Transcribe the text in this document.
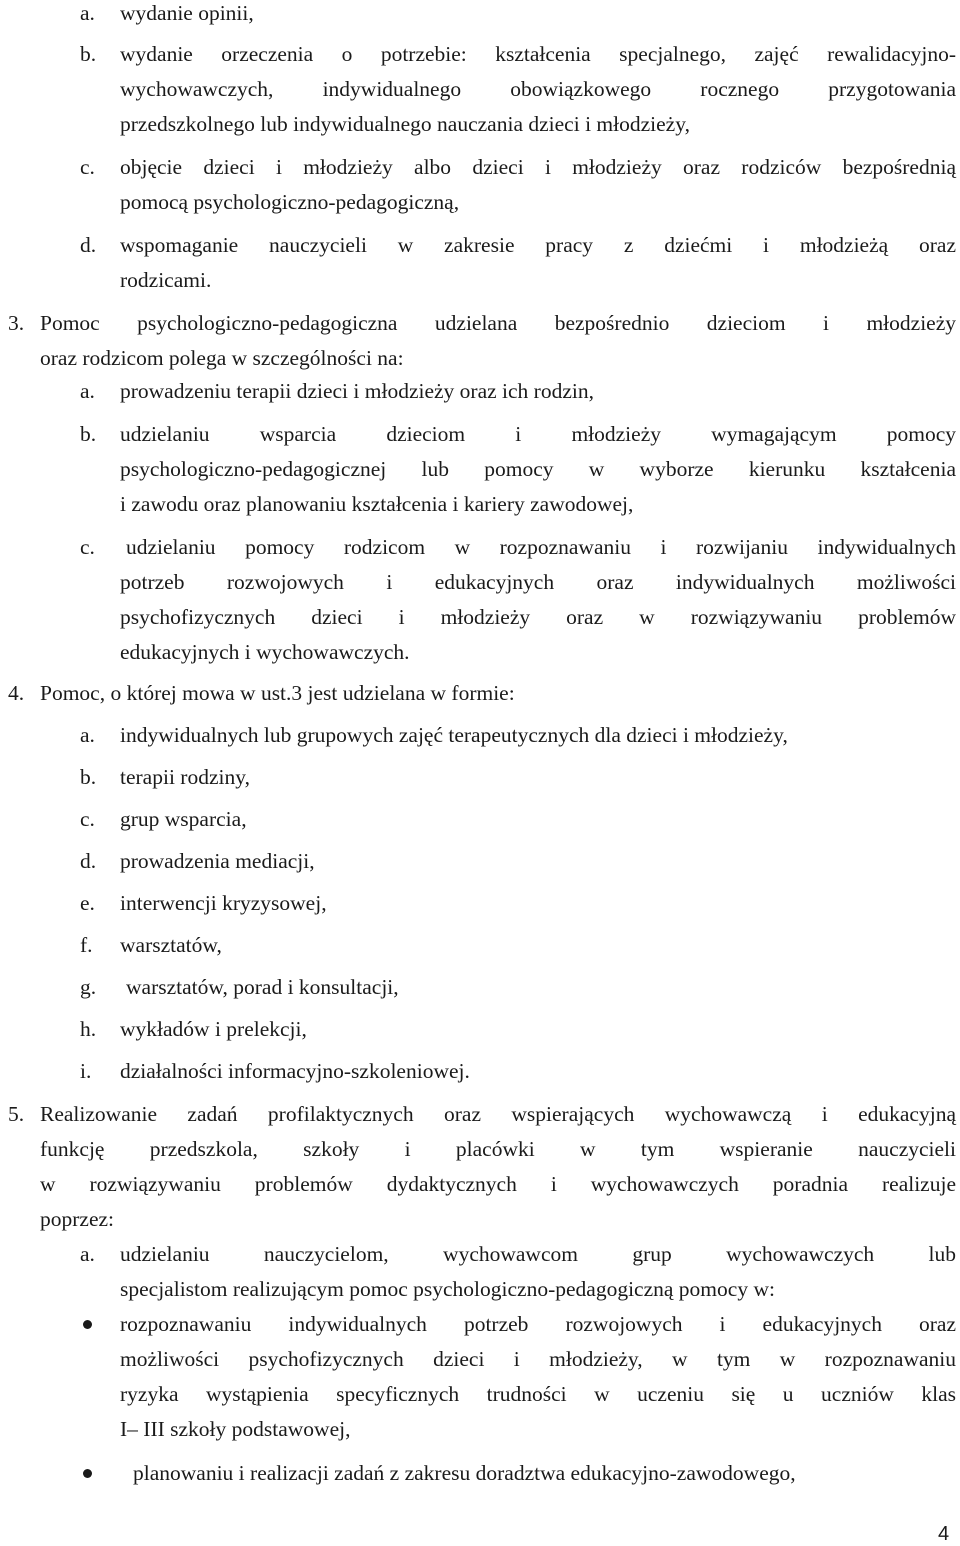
a. wydanie opinii,
b. wydanie orzeczenia o potrzebie: kształcenia specjalnego, zajęć rewalidacyjno-
wychowawczych, indywidualnego obowiązkowego rocznego przygotowania
przedszkolnego lub indywidualnego nauczania dzieci i młodzieży,
c. objęcie dzieci i młodzieży albo dzieci i młodzieży oraz rodziców bezpośrednią
pomocą psychologiczno-pedagogiczną,
d. wspomaganie nauczycieli w zakresie pracy z dziećmi i młodzieżą oraz
rodzicami.
3. Pomoc psychologiczno-pedagogiczna udzielana bezpośrednio dzieciom i młodzieży
oraz rodzicom polega w szczególności na:
a. prowadzeniu terapii dzieci i młodzieży oraz ich rodzin,
b. udzielaniu wsparcia dzieciom i młodzieży wymagającym pomocy
psychologiczno-pedagogicznej lub pomocy w wyborze kierunku kształcenia
i zawodu oraz planowaniu kształcenia i kariery zawodowej,
c. udzielaniu pomocy rodzicom w rozpoznawaniu i rozwijaniu indywidualnych
potrzeb rozwojowych i edukacyjnych oraz indywidualnych możliwości
psychofizycznych dzieci i młodzieży oraz w rozwiązywaniu problemów
edukacyjnych i wychowawczych.
4. Pomoc, o której mowa w ust.3 jest udzielana w formie:
a. indywidualnych lub grupowych zajęć terapeutycznych dla dzieci i młodzieży,
b. terapii rodziny,
c. grup wsparcia,
d. prowadzenia mediacji,
e. interwencji kryzysowej,
f. warsztatów,
g. warsztatów, porad i konsultacji,
h. wykładów i prelekcji,
i. działalności informacyjno-szkoleniowej.
5. Realizowanie zadań profilaktycznych oraz wspierających wychowawczą i edukacyjną
funkcję przedszkola, szkoły i placówki w tym wspieranie nauczycieli
w rozwiązywaniu problemów dydaktycznych i wychowawczych poradnia realizuje
poprzez:
a. udzielaniu nauczycielom, wychowawcom grup wychowawczych lub
specjalistom realizującym pomoc psychologiczno-pedagogiczną pomocy w:
rozpoznawaniu indywidualnych potrzeb rozwojowych i edukacyjnych oraz
możliwości psychofizycznych dzieci i młodzieży, w tym w rozpoznawaniu
ryzyka wystąpienia specyficznych trudności w uczeniu się u uczniów klas
I– III szkoły podstawowej,
planowaniu i realizacji zadań z zakresu doradztwa edukacyjno-zawodowego,
4
